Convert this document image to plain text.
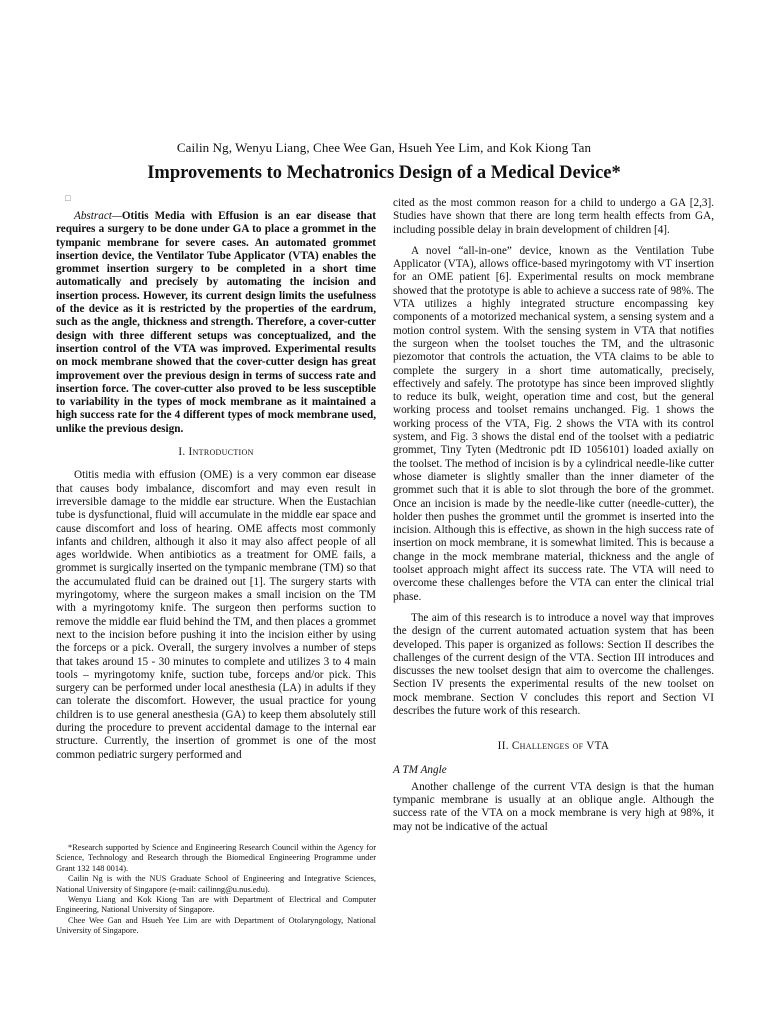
Cailin Ng, Wenyu Liang, Chee Wee Gan, Hsueh Yee Lim, and Kok Kiong Tan
Improvements to Mechatronics Design of a Medical Device*
□

Abstract—Otitis Media with Effusion is an ear disease that requires a surgery to be done under GA to place a grommet in the tympanic membrane for severe cases. An automated grommet insertion device, the Ventilator Tube Applicator (VTA) enables the grommet insertion surgery to be completed in a short time automatically and precisely by automating the incision and insertion process. However, its current design limits the usefulness of the device as it is restricted by the properties of the eardrum, such as the angle, thickness and strength. Therefore, a cover-cutter design with three different setups was conceptualized, and the insertion control of the VTA was improved. Experimental results on mock membrane showed that the cover-cutter design has great improvement over the previous design in terms of success rate and insertion force. The cover-cutter also proved to be less susceptible to variability in the types of mock membrane as it maintained a high success rate for the 4 different types of mock membrane used, unlike the previous design.

I. Introduction

Otitis media with effusion (OME) is a very common ear disease that causes body imbalance, discomfort and may even result in irreversible damage to the middle ear structure. When the Eustachian tube is dysfunctional, fluid will accumulate in the middle ear space and cause discomfort and loss of hearing. OME affects most commonly infants and children, although it also it may also affect people of all ages worldwide. When antibiotics as a treatment for OME fails, a grommet is surgically inserted on the tympanic membrane (TM) so that the accumulated fluid can be drained out [1]. The surgery starts with myringotomy, where the surgeon makes a small incision on the TM with a myringotomy knife. The surgeon then performs suction to remove the middle ear fluid behind the TM, and then places a grommet next to the incision before pushing it into the incision either by using the forceps or a pick. Overall, the surgery involves a number of steps that takes around 15 - 30 minutes to complete and utilizes 3 to 4 main tools – myringotomy knife, suction tube, forceps and/or pick. This surgery can be performed under local anesthesia (LA) in adults if they can tolerate the discomfort. However, the usual practice for young children is to use general anesthesia (GA) to keep them absolutely still during the procedure to prevent accidental damage to the internal ear structure. Currently, the insertion of grommet is one of the most common pediatric surgery performed and

*Research supported by Science and Engineering Research Council within the Agency for Science, Technology and Research through the Biomedical Engineering Programme under Grant 132 148 0014).

Cailin Ng is with the NUS Graduate School of Engineering and Integrative Sciences, National University of Singapore (e-mail: cailinng@u.nus.edu).

Wenyu Liang and Kok Kiong Tan are with Department of Electrical and Computer Engineering, National University of Singapore.

Chee Wee Gan and Hsueh Yee Lim are with Department of Otolaryngology, National University of Singapore.

cited as the most common reason for a child to undergo a GA [2,3]. Studies have shown that there are long term health effects from GA, including possible delay in brain development of children [4].

A novel “all-in-one” device, known as the Ventilation Tube Applicator (VTA), allows office-based myringotomy with VT insertion for an OME patient [6]. Experimental results on mock membrane showed that the prototype is able to achieve a success rate of 98%. The VTA utilizes a highly integrated structure encompassing key components of a motorized mechanical system, a sensing system and a motion control system. With the sensing system in VTA that notifies the surgeon when the toolset touches the TM, and the ultrasonic piezomotor that controls the actuation, the VTA claims to be able to complete the surgery in a short time automatically, precisely, effectively and safely. The prototype has since been improved slightly to reduce its bulk, weight, operation time and cost, but the general working process and toolset remains unchanged. Fig. 1 shows the working process of the VTA, Fig. 2 shows the VTA with its control system, and Fig. 3 shows the distal end of the toolset with a pediatric grommet, Tiny Tyten (Medtronic pdt ID 1056101) loaded axially on the toolset. The method of incision is by a cylindrical needle-like cutter whose diameter is slightly smaller than the inner diameter of the grommet such that it is able to slot through the bore of the grommet. Once an incision is made by the needle-like cutter (needle-cutter), the holder then pushes the grommet until the grommet is inserted into the incision. Although this is effective, as shown in the high success rate of insertion on mock membrane, it is somewhat limited. This is because a change in the mock membrane material, thickness and the angle of toolset approach might affect its success rate. The VTA will need to overcome these challenges before the VTA can enter the clinical trial phase.

The aim of this research is to introduce a novel way that improves the design of the current automated actuation system that has been developed. This paper is organized as follows: Section II describes the challenges of the current design of the VTA. Section III introduces and discusses the new toolset design that aim to overcome the challenges. Section IV presents the experimental results of the new toolset on mock membrane. Section V concludes this report and Section VI describes the future work of this research.

II. Challenges of VTA
A TM Angle

Another challenge of the current VTA design is that the human tympanic membrane is usually at an oblique angle. Although the success rate of the VTA on a mock membrane is very high at 98%, it may not be indicative of the actual
